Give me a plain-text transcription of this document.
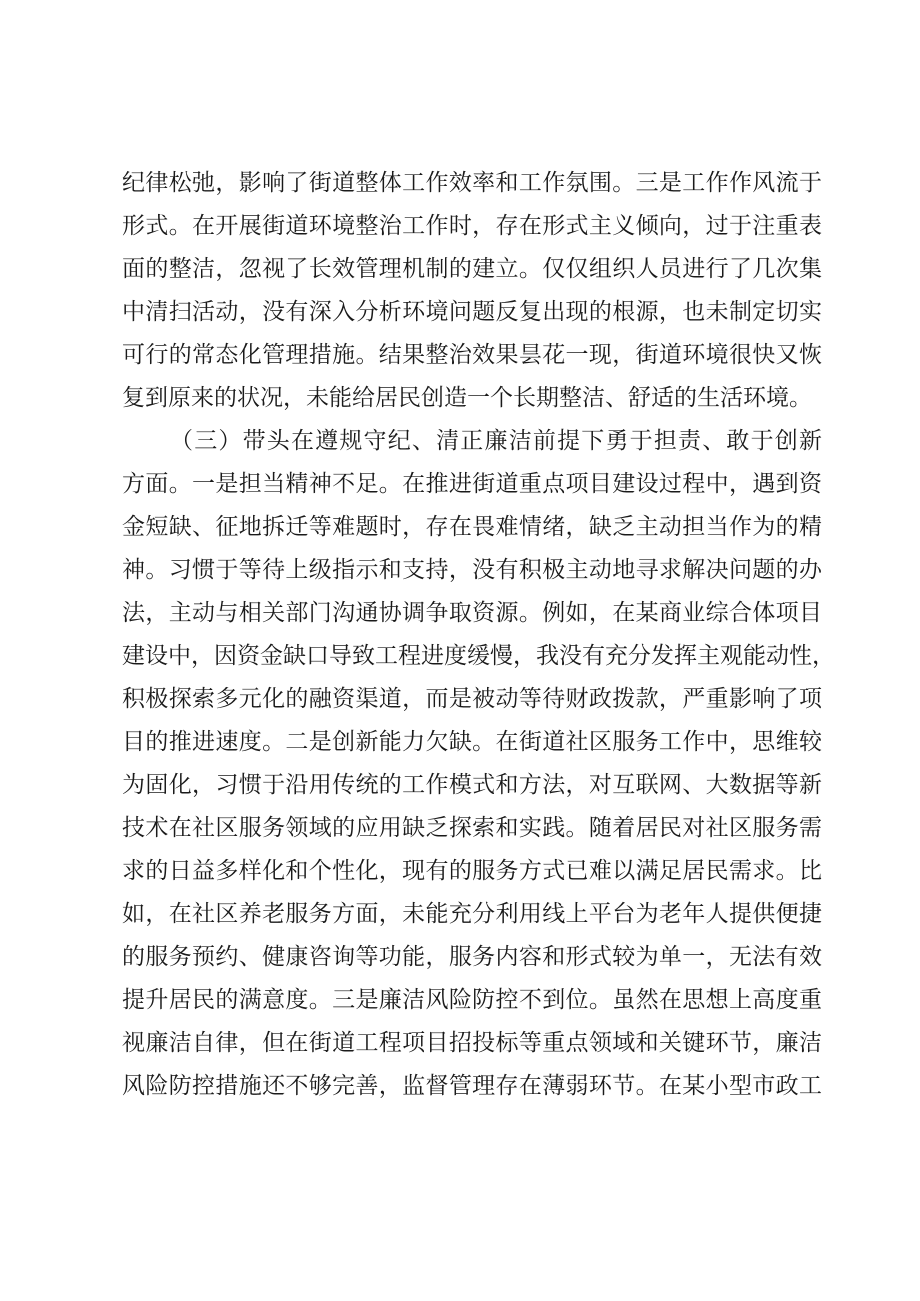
纪律松弛，影响了街道整体工作效率和工作氛围。三是工作作风流于
形式。在开展街道环境整治工作时，存在形式主义倾向，过于注重表
面的整洁，忽视了长效管理机制的建立。仅仅组织人员进行了几次集
中清扫活动，没有深入分析环境问题反复出现的根源，也未制定切实
可行的常态化管理措施。结果整治效果昙花一现，街道环境很快又恢
复到原来的状况，未能给居民创造一个长期整洁、舒适的生活环境。
（三）带头在遵规守纪、清正廉洁前提下勇于担责、敢于创新
方面。一是担当精神不足。在推进街道重点项目建设过程中，遇到资
金短缺、征地拆迁等难题时，存在畏难情绪，缺乏主动担当作为的精
神。习惯于等待上级指示和支持，没有积极主动地寻求解决问题的办
法，主动与相关部门沟通协调争取资源。例如，在某商业综合体项目
建设中，因资金缺口导致工程进度缓慢，我没有充分发挥主观能动性，
积极探索多元化的融资渠道，而是被动等待财政拨款，严重影响了项
目的推进速度。二是创新能力欠缺。在街道社区服务工作中，思维较
为固化，习惯于沿用传统的工作模式和方法，对互联网、大数据等新
技术在社区服务领域的应用缺乏探索和实践。随着居民对社区服务需
求的日益多样化和个性化，现有的服务方式已难以满足居民需求。比
如，在社区养老服务方面，未能充分利用线上平台为老年人提供便捷
的服务预约、健康咨询等功能，服务内容和形式较为单一，无法有效
提升居民的满意度。三是廉洁风险防控不到位。虽然在思想上高度重
视廉洁自律，但在街道工程项目招投标等重点领域和关键环节，廉洁
风险防控措施还不够完善，监督管理存在薄弱环节。在某小型市政工
